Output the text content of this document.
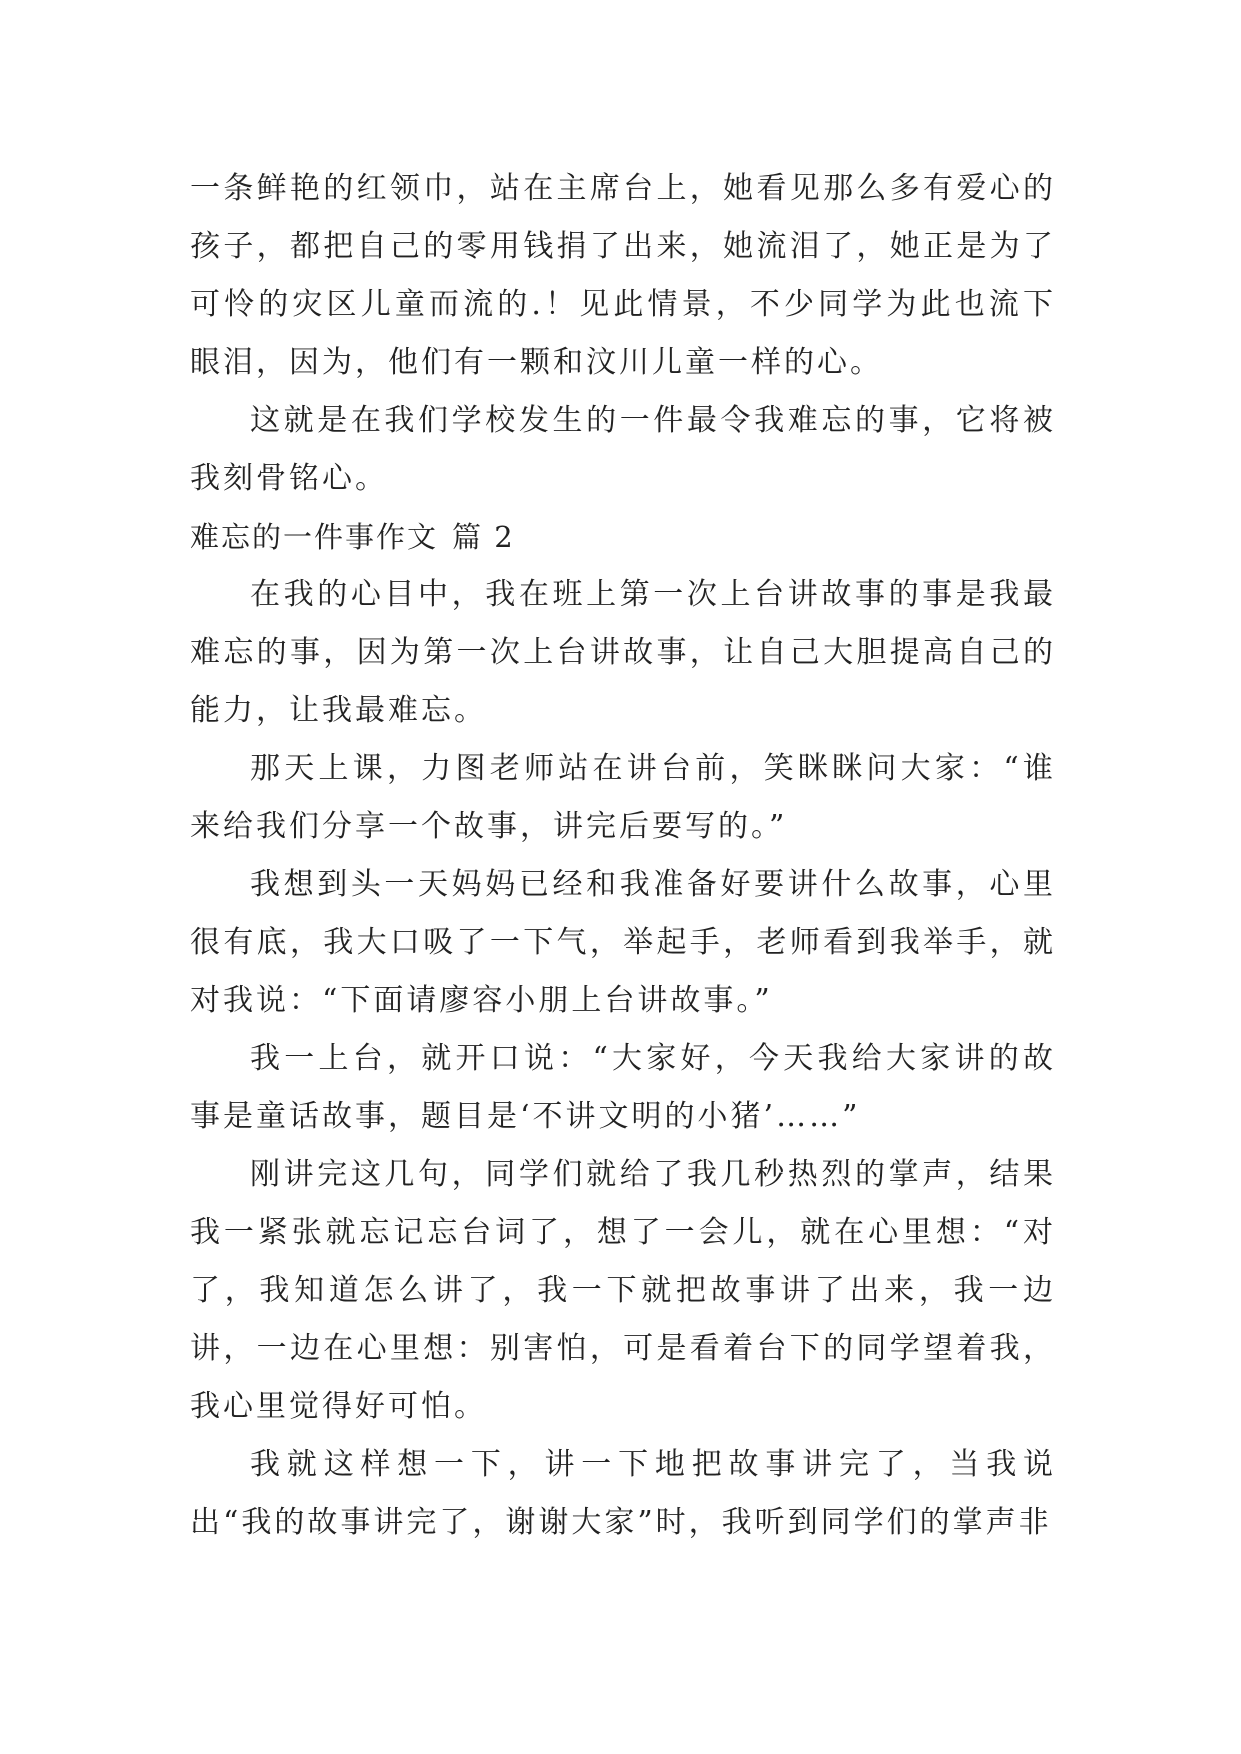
一条鲜艳的红领巾，站在主席台上，她看见那么多有爱心的孩子，都把自己的零用钱捐了出来，她流泪了，她正是为了可怜的灾区儿童而流的.！见此情景，不少同学为此也流下眼泪，因为，他们有一颗和汶川儿童一样的心。

这就是在我们学校发生的一件最令我难忘的事，它将被我刻骨铭心。

难忘的一件事作文 篇 2

在我的心目中，我在班上第一次上台讲故事的事是我最难忘的事，因为第一次上台讲故事，让自己大胆提高自己的能力，让我最难忘。

那天上课，力图老师站在讲台前，笑眯眯问大家：“谁来给我们分享一个故事，讲完后要写的。”

我想到头一天妈妈已经和我准备好要讲什么故事，心里很有底，我大口吸了一下气，举起手，老师看到我举手，就对我说：“下面请廖容小朋上台讲故事。”

我一上台，就开口说：“大家好，今天我给大家讲的故事是童话故事，题目是‘不讲文明的小猪’……”

刚讲完这几句，同学们就给了我几秒热烈的掌声，结果我一紧张就忘记忘台词了，想了一会儿，就在心里想：“对了，我知道怎么讲了，我一下就把故事讲了出来，我一边讲，一边在心里想：别害怕，可是看着台下的同学望着我，我心里觉得好可怕。

我就这样想一下，讲一下地把故事讲完了，当我说出“我的故事讲完了，谢谢大家”时，我听到同学们的掌声非
